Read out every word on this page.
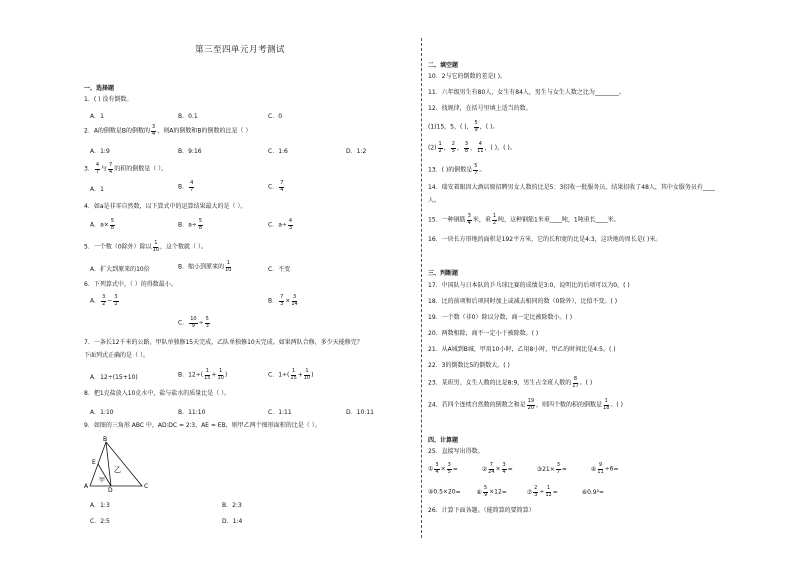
第三至四单元月考测试
一、选择题
1．( ) 没有倒数。
A．1	B．0.1	C．0
2．A的倒数是B的倒数的 $\frac{3}{4}$ ，则A的倒数和B的倒数的比是（ ）
A．1:9	B．9:16	C．1:6	D．1:2
3． $\frac{4}{7}$ 与 $\frac{7}{4}$ 的积的倒数是（ ）。
A．1	B． $\frac{4}{7}$	C． $\frac{7}{4}$
4．如a是非零自然数，以下算式中的运算结果最大的是（ ）。
A．$a\times \frac{5}{8}$	B．$a\div \frac{5}{8}$	C．$a\div \frac{4}{3}$
5．一个数（0除外）除以 $\frac{1}{10}$ ，这个数就（ ）。
A．扩大到原来的10倍	B．缩小到原来的 $\frac{1}{10}$	C．不变
6．下列算式中，（ ）的得数最小。
A． $\frac{3}{2} - \frac{3}{2}$	B． $\frac{7}{3} \times \frac{3}{14}$
C． $\frac{10}{9} \div \frac{5}{3}$
7．一条长12千米的公路，甲队单独修15天完成，乙队单独修10天完成。如果两队合修，多少天能修完？
下面列式正确的是（ ）。
A．12÷(15+10)	B．$12\div( \frac{1}{15} + \frac{1}{10}$ )	C．$1\div( \frac{1}{15} + \frac{1}{10}$ )
8．把1克盐放入10克水中，盐与盐水的质量比是（ ）。
A．1:10	B．11:10	C．1:11	D．10:11
9．如图的三角形 ABC 中，AD∶DC = 2∶3，AE = EB，则甲乙两个图形面积的比是（ ）。
B
E
A
D
C
甲
乙
A．1:3	B．2:3
C．2:5	D．1:4
二、填空题
10．2与它的倒数的差是( )。
11．六年级男生有80人，女生有84人，男生与女生人数之比为________。
12．找规律，在括号里填上适当的数。
(1)15，5，( )， $\frac{5}{9}$ ，( )。
$(2) \frac{1}{2}$ ， $\frac{2}{5}$ ， $\frac{3}{8}$ ， $\frac{4}{11}$ ，( )，( )。
13．( )的倒数是 $\frac{5}{7}$ 。
14．瑞安着眼因大酒店原招聘男女人数的比是5：3招收一批服务员，结果招收了48人，其中女服务员有____
人。
15．一种钢筋 $\frac{3}{4}$ 米，重 $\frac{1}{2}$ 吨，这种钢筋1米重____吨，1吨重长____米。
16．一块长方形地的面积是192平方米，它的长和宽的比是4:3，这块地的周长是( )米。
三、判断题
17．中国队与日本队的乒乓球比赛的成绩是3:0，说明比的后项可以为0。( )
18．比的前项和后项同时加上或减去相同的数（0除外），比值不变。( )
19．一个数（非0）除以分数，商一定比被除数小。( )
20．两数相除，商不一定小于被除数。( )
21．从A城到B城，甲用10小时，乙用8小时，甲乙的时间比是4:5。( )
22．3的倒数比5的倒数大。( )
23．某班男、女生人数的比是8:9，男生占全班人数的 $\frac{8}{17}$ 。( )
24．若四个连续自然数的倒数之和是 $\frac{19}{20}$ ，则四个数的积的倒数是 $\frac{1}{18}$ 。( )
四、计算题
25．直接写出得数。
① $\frac{3}{4} \times \frac{3}{5}$ =	② $\frac{7}{24} \times \frac{3}{4}$ =	③21× $\frac{3}{7}$ =	④ $\frac{9}{11} \div 6=$
⑤0.5×20=	⑥ $\frac{5}{9} \times 12=$	⑦ $\frac{2}{3} \div \frac{1}{12}$ =	⑧0.9²=
26．计算下面各题。（能简算的要简算）
